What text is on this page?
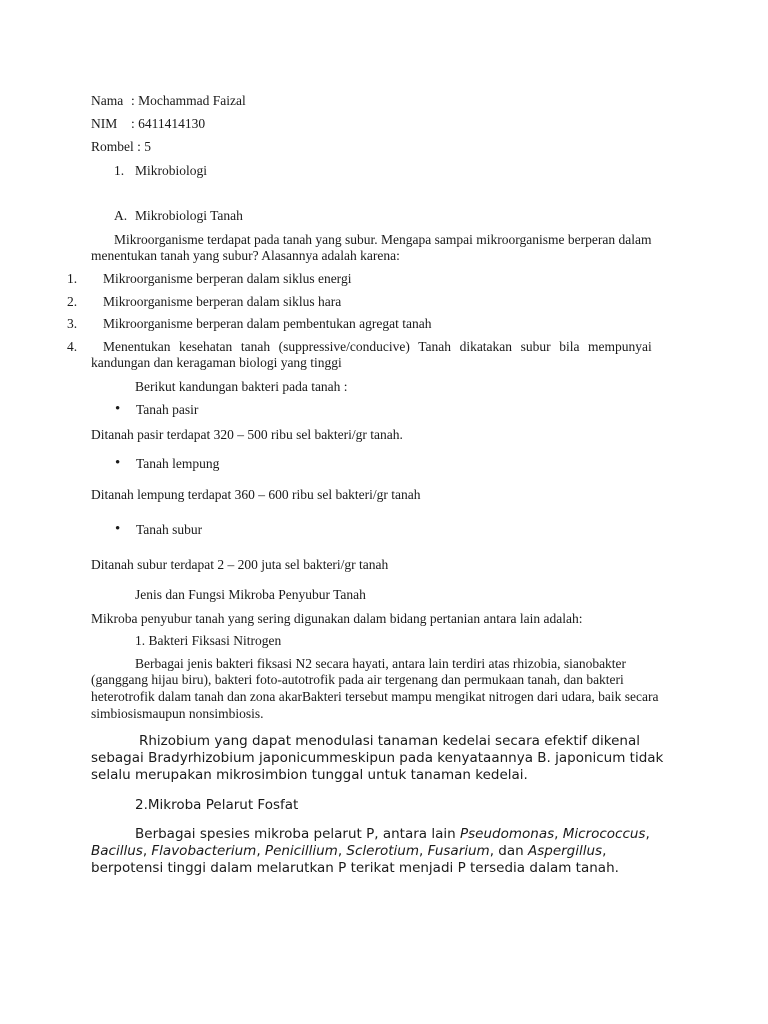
Nama : Mochammad Faizal
NIM : 6411414130
Rombel : 5
1. Mikrobiologi
A. Mikrobiologi Tanah
Mikroorganisme terdapat pada tanah yang subur. Mengapa sampai mikroorganisme berperan dalam
menentukan tanah yang subur? Alasannya adalah karena:
1. Mikroorganisme berperan dalam siklus energi
2. Mikroorganisme berperan dalam siklus hara
3. Mikroorganisme berperan dalam pembentukan agregat tanah
4. Menentukan kesehatan tanah (suppressive/conducive) Tanah dikatakan subur bila mempunyai
kandungan dan keragaman biologi yang tinggi
Berikut kandungan bakteri pada tanah :
• Tanah pasir
Ditanah pasir terdapat 320 – 500 ribu sel bakteri/gr tanah.
• Tanah lempung
Ditanah lempung terdapat 360 – 600 ribu sel bakteri/gr tanah
• Tanah subur
Ditanah subur terdapat 2 – 200 juta sel bakteri/gr tanah
Jenis dan Fungsi Mikroba Penyubur Tanah
Mikroba penyubur tanah yang sering digunakan dalam bidang pertanian antara lain adalah:
1. Bakteri Fiksasi Nitrogen
Berbagai jenis bakteri fiksasi N2 secara hayati, antara lain terdiri atas rhizobia, sianobakter
(ganggang hijau biru), bakteri foto-autotrofik pada air tergenang dan permukaan tanah, dan bakteri
heterotrofik dalam tanah dan zona akarBakteri tersebut mampu mengikat nitrogen dari udara, baik secara
simbiosismaupun nonsimbiosis.
Rhizobium yang dapat menodulasi tanaman kedelai secara efektif dikenal
sebagai Bradyrhizobium japonicummeskipun pada kenyataannya B. japonicum tidak
selalu merupakan mikrosimbion tunggal untuk tanaman kedelai.
2.Mikroba Pelarut Fosfat
Berbagai spesies mikroba pelarut P, antara lain Pseudomonas, Micrococcus,
Bacillus, Flavobacterium, Penicillium, Sclerotium, Fusarium, dan Aspergillus,
berpotensi tinggi dalam melarutkan P terikat menjadi P tersedia dalam tanah.
